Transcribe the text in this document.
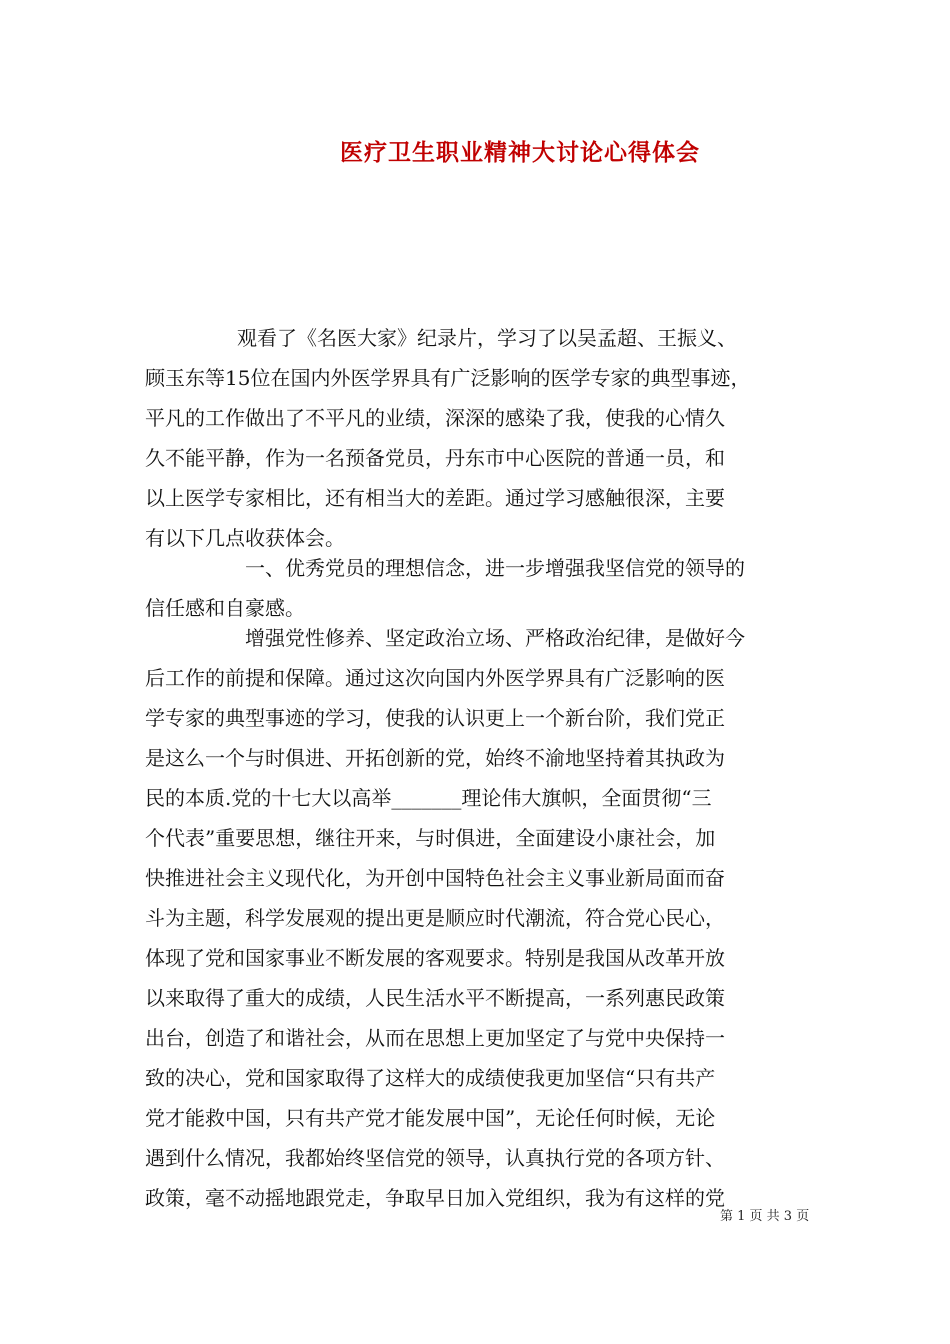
医疗卫生职业精神大讨论心得体会
观看了《名医大家》纪录片，学习了以吴孟超、王振义、
顾玉东等15位在国内外医学界具有广泛影响的医学专家的典型事迹，
平凡的工作做出了不平凡的业绩，深深的感染了我，使我的心情久
久不能平静，作为一名预备党员，丹东市中心医院的普通一员，和
以上医学专家相比，还有相当大的差距。通过学习感触很深，主要
有以下几点收获体会。
一、优秀党员的理想信念，进一步增强我坚信党的领导的
信任感和自豪感。
增强党性修养、坚定政治立场、严格政治纪律，是做好今
后工作的前提和保障。通过这次向国内外医学界具有广泛影响的医
学专家的典型事迹的学习，使我的认识更上一个新台阶，我们党正
是这么一个与时俱进、开拓创新的党，始终不渝地坚持着其执政为
民的本质.党的十七大以高举_______理论伟大旗帜，全面贯彻“三
个代表”重要思想，继往开来，与时俱进，全面建设小康社会，加
快推进社会主义现代化，为开创中国特色社会主义事业新局面而奋
斗为主题，科学发展观的提出更是顺应时代潮流，符合党心民心，
体现了党和国家事业不断发展的客观要求。特别是我国从改革开放
以来取得了重大的成绩，人民生活水平不断提高，一系列惠民政策
出台，创造了和谐社会，从而在思想上更加坚定了与党中央保持一
致的决心，党和国家取得了这样大的成绩使我更加坚信“只有共产
党才能救中国，只有共产党才能发展中国”，无论任何时候，无论
遇到什么情况，我都始终坚信党的领导，认真执行党的各项方针、
政策，毫不动摇地跟党走，争取早日加入党组织，我为有这样的党
第 1 页 共 3 页
